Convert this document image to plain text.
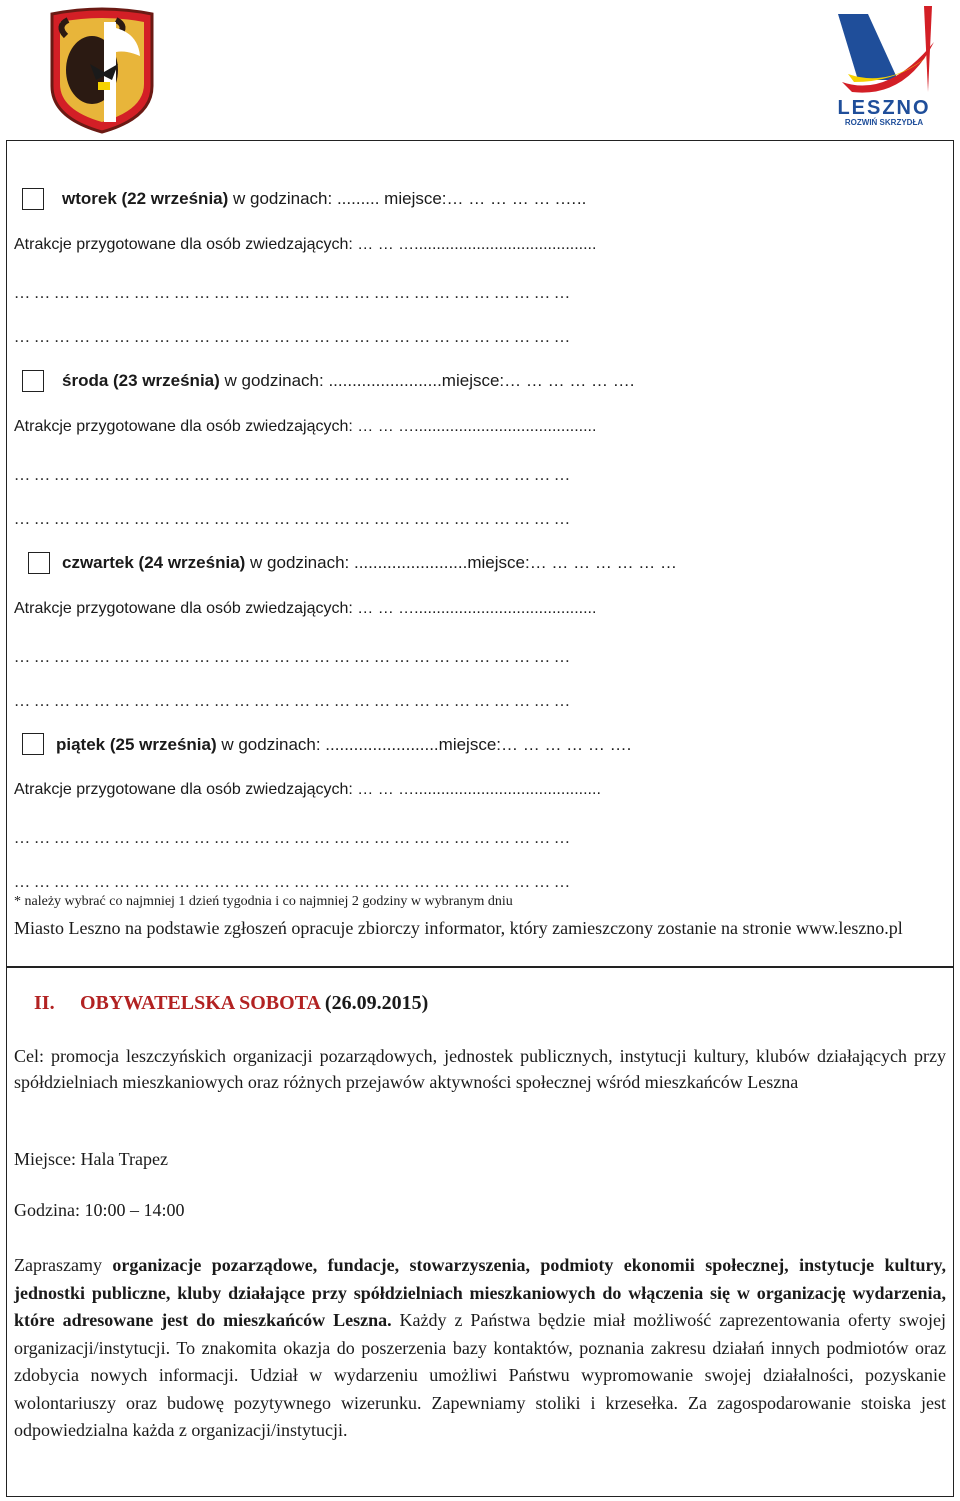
LESZNO
ROZWIŃ SKRZYDŁA
wtorek (22 września) w godzinach: ......... miejsce:… … … … … .…..
Atrakcje przygotowane dla osób zwiedzających: … … ….........................................
… … … … … … … … … … … … … … … … … … … … … … … … … … … …
… … … … … … … … … … … … … … … … … … … … … … … … … … … …
środa (23 września) w godzinach: ........................miejsce:… … … … … ….
Atrakcje przygotowane dla osób zwiedzających: … … ….........................................
… … … … … … … … … … … … … … … … … … … … … … … … … … … …
… … … … … … … … … … … … … … … … … … … … … … … … … … … …
czwartek (24 września) w godzinach: ........................miejsce:… … … … … … …
Atrakcje przygotowane dla osób zwiedzających: … … ….........................................
… … … … … … … … … … … … … … … … … … … … … … … … … … … …
… … … … … … … … … … … … … … … … … … … … … … … … … … … …
piątek (25 września) w godzinach: ........................miejsce:… … … … … ….
Atrakcje przygotowane dla osób zwiedzających: … … …..........................................
… … … … … … … … … … … … … … … … … … … … … … … … … … … …
… … … … … … … … … … … … … … … … … … … … … … … … … … … …
* należy wybrać co najmniej 1 dzień tygodnia i co najmniej 2 godziny w wybranym dniu
Miasto Leszno na podstawie zgłoszeń opracuje zbiorczy informator, który zamieszczony zostanie na stronie www.leszno.pl
II. OBYWATELSKA SOBOTA (26.09.2015)
Cel: promocja leszczyńskich organizacji pozarządowych, jednostek publicznych, instytucji kultury, klubów działających przy spółdzielniach mieszkaniowych oraz różnych przejawów aktywności społecznej wśród mieszkańców Leszna
Miejsce: Hala Trapez
Godzina: 10:00 – 14:00
Zapraszamy organizacje pozarządowe, fundacje, stowarzyszenia, podmioty ekonomii społecznej, instytucje kultury, jednostki publiczne, kluby działające przy spółdzielniach mieszkaniowych do włączenia się w organizację wydarzenia, które adresowane jest do mieszkańców Leszna. Każdy z Państwa będzie miał możliwość zaprezentowania oferty swojej organizacji/instytucji. To znakomita okazja do poszerzenia bazy kontaktów, poznania zakresu działań innych podmiotów oraz zdobycia nowych informacji. Udział w wydarzeniu umożliwi Państwu wypromowanie swojej działalności, pozyskanie wolontariuszy oraz budowę pozytywnego wizerunku. Zapewniamy stoliki i krzesełka. Za zagospodarowanie stoiska jest odpowiedzialna każda z organizacji/instytucji.
